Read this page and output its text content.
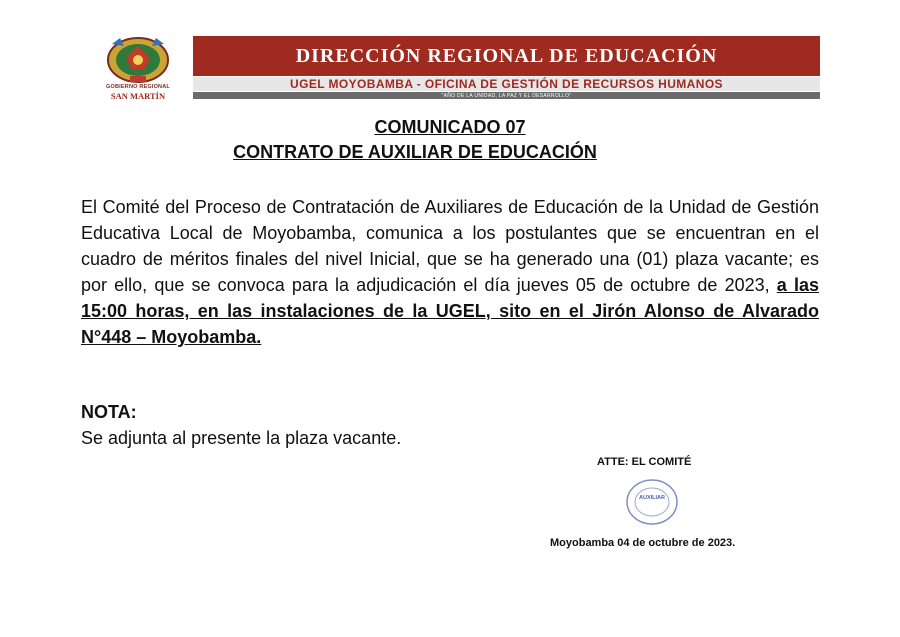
GOBIERNO REGIONAL
SAN MARTÍN
DIRECCIÓN REGIONAL DE EDUCACIÓN
UGEL MOYOBAMBA - OFICINA DE GESTIÓN DE RECURSOS HUMANOS
"AÑO DE LA UNIDAD, LA PAZ Y EL DESARROLLO"
COMUNICADO 07
CONTRATO DE AUXILIAR DE EDUCACIÓN

El Comité del Proceso de Contratación de Auxiliares de Educación de la Unidad de Gestión Educativa Local de Moyobamba, comunica a los postulantes que se encuentran en el cuadro de méritos finales del nivel Inicial, que se ha generado una (01) plaza vacante; es por ello, que se convoca para la adjudicación el día jueves 05 de octubre de 2023, a las 15:00 horas, en las instalaciones de la UGEL, sito en el Jirón Alonso de Alvarado N°448 – Moyobamba.

NOTA:
Se adjunta al presente la plaza vacante.
ATTE: EL COMITÉ
AUXILIAR
Moyobamba 04 de octubre de 2023.
